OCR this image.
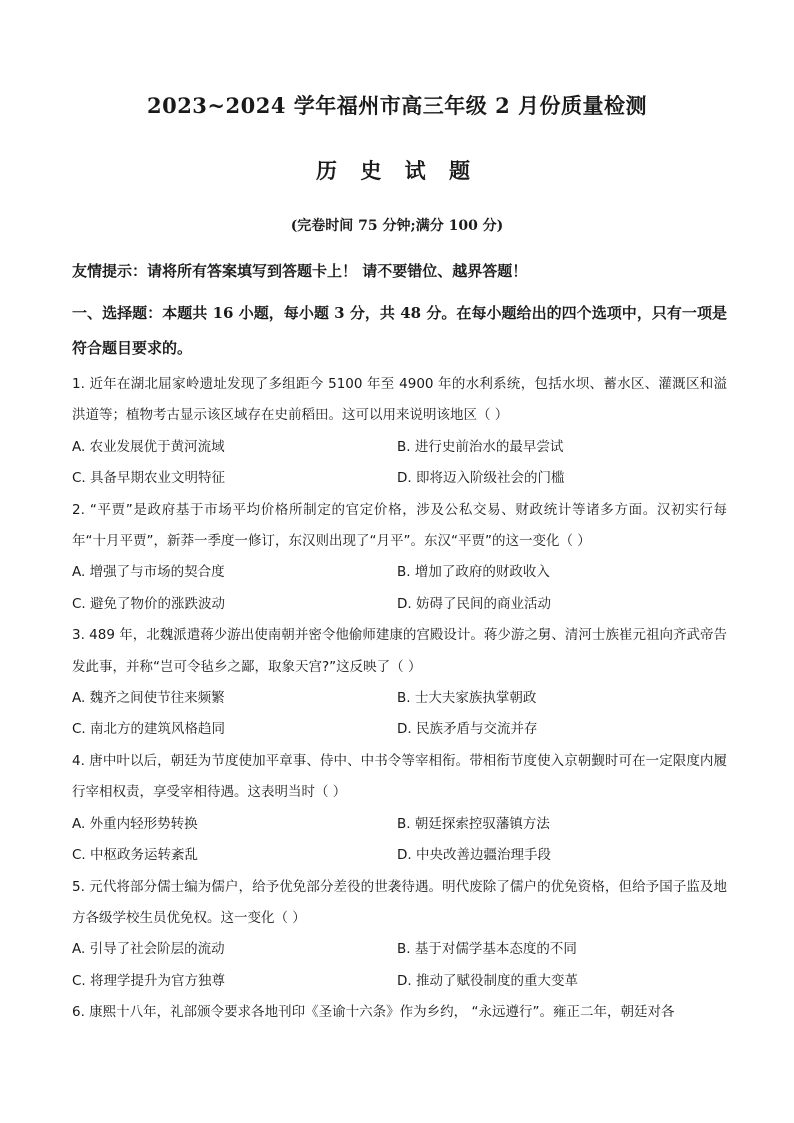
2023~2024 学年福州市高三年级 2 月份质量检测
历 史 试 题
(完卷时间 75 分钟;满分 100 分)
友情提示：请将所有答案填写到答题卡上！ 请不要错位、越界答题！
一、选择题：本题共 16 小题，每小题 3 分，共 48 分。在每小题给出的四个选项中，只有一项是符合题目要求的。
1. 近年在湖北屈家岭遗址发现了多组距今 5100 年至 4900 年的水利系统，包括水坝、蓄水区、灌溉区和溢洪道等；植物考古显示该区域存在史前稻田。这可以用来说明该地区（ ）
A. 农业发展优于黄河流域	B. 进行史前治水的最早尝试
C. 具备早期农业文明特征	D. 即将迈入阶级社会的门槛
2. “平贾”是政府基于市场平均价格所制定的官定价格，涉及公私交易、财政统计等诸多方面。汉初实行每年“十月平贾”，新莽一季度一修订，东汉则出现了“月平”。东汉“平贾”的这一变化（ ）
A. 增强了与市场的契合度	B. 增加了政府的财政收入
C. 避免了物价的涨跌波动	D. 妨碍了民间的商业活动
3. 489 年，北魏派遣蒋少游出使南朝并密令他偷师建康的宫殿设计。蒋少游之舅、清河士族崔元祖向齐武帝告发此事，并称“岂可令毡乡之鄙，取象天宫?”这反映了（ ）
A. 魏齐之间使节往来频繁	B. 士大夫家族执掌朝政
C. 南北方的建筑风格趋同	D. 民族矛盾与交流并存
4. 唐中叶以后，朝廷为节度使加平章事、侍中、中书令等宰相衔。带相衔节度使入京朝觐时可在一定限度内履行宰相权责，享受宰相待遇。这表明当时（ ）
A. 外重内轻形势转换	B. 朝廷探索控驭藩镇方法
C. 中枢政务运转紊乱	D. 中央改善边疆治理手段
5. 元代将部分儒士编为儒户，给予优免部分差役的世袭待遇。明代废除了儒户的优免资格，但给予国子监及地方各级学校生员优免权。这一变化（ ）
A. 引导了社会阶层的流动	B. 基于对儒学基本态度的不同
C. 将理学提升为官方独尊	D. 推动了赋役制度的重大变革
6. 康熙十八年，礼部颁令要求各地刊印《圣谕十六条》作为乡约， “永远遵行”。雍正二年，朝廷对各
